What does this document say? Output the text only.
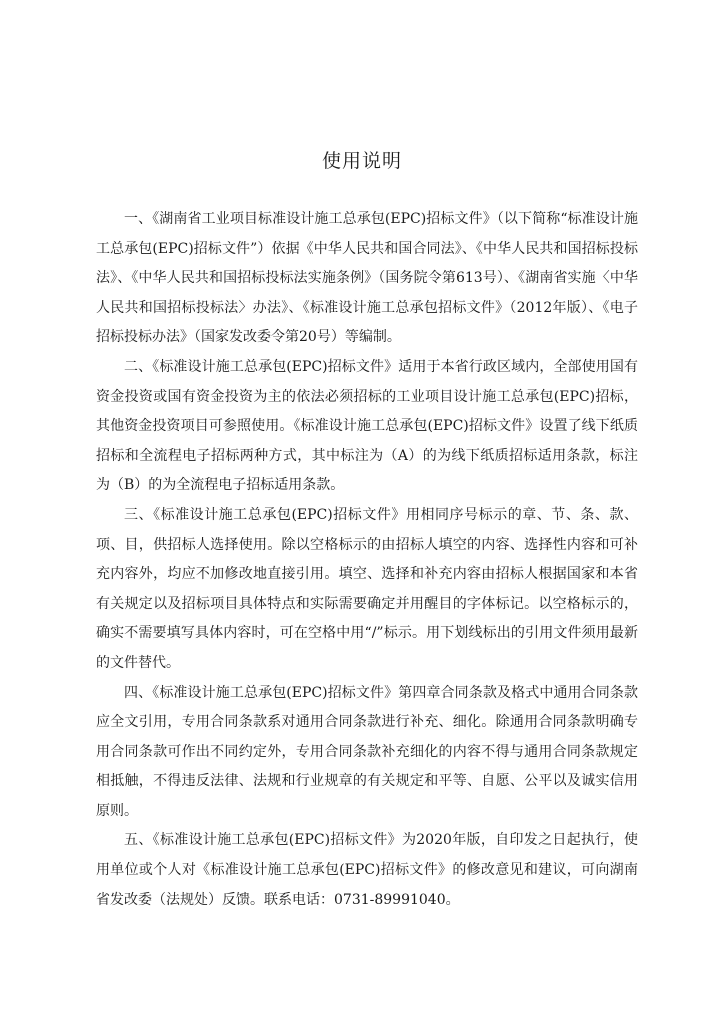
使用说明

一、《湖南省工业项目标准设计施工总承包(EPC)招标文件》（以下简称“标准设计施工总承包(EPC)招标文件”）依据《中华人民共和国合同法》、《中华人民共和国招标投标法》、《中华人民共和国招标投标法实施条例》（国务院令第613号）、《湖南省实施〈中华人民共和国招标投标法〉办法》、《标准设计施工总承包招标文件》（2012年版）、《电子招标投标办法》（国家发改委令第20号）等编制。

二、《标准设计施工总承包(EPC)招标文件》适用于本省行政区域内，全部使用国有资金投资或国有资金投资为主的依法必须招标的工业项目设计施工总承包(EPC)招标，其他资金投资项目可参照使用。《标准设计施工总承包(EPC)招标文件》设置了线下纸质招标和全流程电子招标两种方式，其中标注为（A）的为线下纸质招标适用条款，标注为（B）的为全流程电子招标适用条款。

三、《标准设计施工总承包(EPC)招标文件》用相同序号标示的章、节、条、款、项、目，供招标人选择使用。除以空格标示的由招标人填空的内容、选择性内容和可补充内容外，均应不加修改地直接引用。填空、选择和补充内容由招标人根据国家和本省有关规定以及招标项目具体特点和实际需要确定并用醒目的字体标记。以空格标示的，确实不需要填写具体内容时，可在空格中用“/”标示。用下划线标出的引用文件须用最新的文件替代。

四、《标准设计施工总承包(EPC)招标文件》第四章合同条款及格式中通用合同条款应全文引用，专用合同条款系对通用合同条款进行补充、细化。除通用合同条款明确专用合同条款可作出不同约定外，专用合同条款补充细化的内容不得与通用合同条款规定相抵触，不得违反法律、法规和行业规章的有关规定和平等、自愿、公平以及诚实信用原则。

五、《标准设计施工总承包(EPC)招标文件》为2020年版，自印发之日起执行，使用单位或个人对《标准设计施工总承包(EPC)招标文件》的修改意见和建议，可向湖南省发改委（法规处）反馈。联系电话：0731-89991040。
